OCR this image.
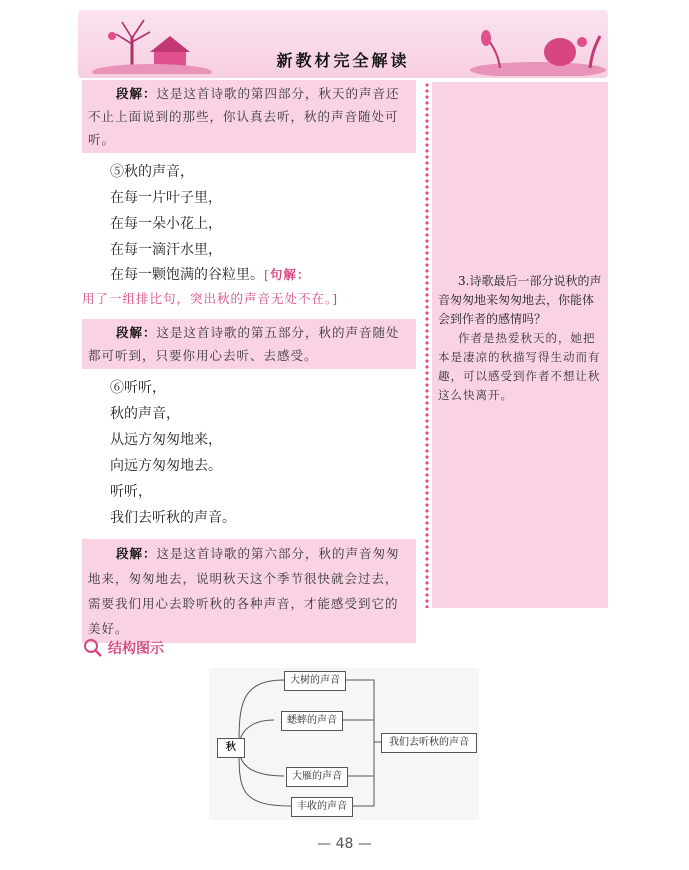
新教材完全解读
段解：这是这首诗歌的第四部分，秋天的声音还不止上面说到的那些，你认真去听，秋的声音随处可听。
⑤秋的声音，
在每一片叶子里，
在每一朵小花上，
在每一滴汗水里，
在每一颗饱满的谷粒里。[句解：
用了一组排比句，突出秋的声音无处不在。]
段解：这是这首诗歌的第五部分，秋的声音随处都可听到，只要你用心去听、去感受。
⑥听听，
秋的声音，
从远方匆匆地来，
向远方匆匆地去。
听听，
我们去听秋的声音。
段解：这是这首诗歌的第六部分，秋的声音匆匆地来，匆匆地去，说明秋天这个季节很快就会过去，需要我们用心去聆听秋的各种声音，才能感受到它的美好。
3.诗歌最后一部分说秋的声音匆匆地来匆匆地去，你能体会到作者的感情吗？
作者是热爱秋天的，她把本是凄凉的秋描写得生动而有趣，可以感受到作者不想让秋这么快离开。
结构图示
秋
大树的声音
蟋蟀的声音
大雁的声音
丰收的声音
我们去听秋的声音
— 48 —
